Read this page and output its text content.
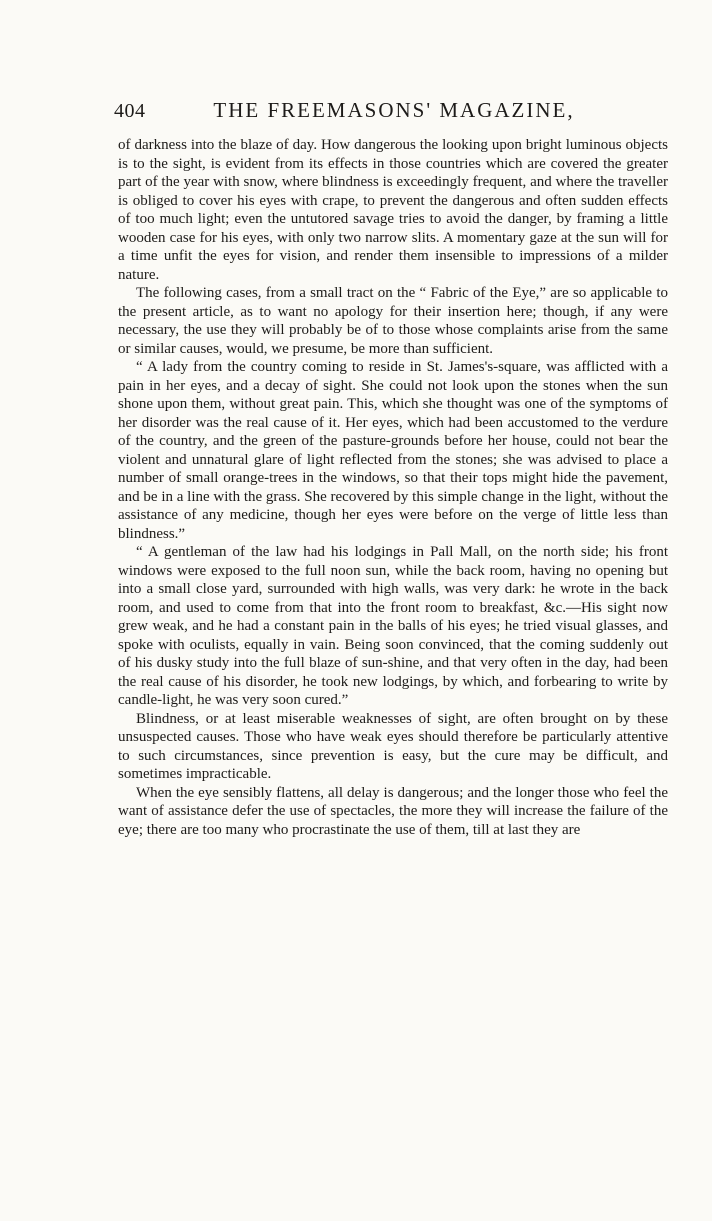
404	THE FREEMASONS' MAGAZINE,

of darkness into the blaze of day. How dangerous the looking upon bright luminous objects is to the sight, is evident from its effects in those countries which are covered the greater part of the year with snow, where blindness is exceedingly frequent, and where the traveller is obliged to cover his eyes with crape, to prevent the dangerous and often sudden effects of too much light; even the untutored savage tries to avoid the danger, by framing a little wooden case for his eyes, with only two narrow slits. A momentary gaze at the sun will for a time unfit the eyes for vision, and render them insensible to impressions of a milder nature.

The following cases, from a small tract on the “ Fabric of the Eye,” are so applicable to the present article, as to want no apology for their insertion here; though, if any were necessary, the use they will probably be of to those whose complaints arise from the same or similar causes, would, we presume, be more than sufficient.

“ A lady from the country coming to reside in St. James's-square, was afflicted with a pain in her eyes, and a decay of sight. She could not look upon the stones when the sun shone upon them, without great pain. This, which she thought was one of the symptoms of her disorder was the real cause of it. Her eyes, which had been accustomed to the verdure of the country, and the green of the pasture-grounds before her house, could not bear the violent and unnatural glare of light reflected from the stones; she was advised to place a number of small orange-trees in the windows, so that their tops might hide the pavement, and be in a line with the grass. She recovered by this simple change in the light, without the assistance of any medicine, though her eyes were before on the verge of little less than blindness.”

“ A gentleman of the law had his lodgings in Pall Mall, on the north side; his front windows were exposed to the full noon sun, while the back room, having no opening but into a small close yard, surrounded with high walls, was very dark: he wrote in the back room, and used to come from that into the front room to breakfast, &c.—His sight now grew weak, and he had a constant pain in the balls of his eyes; he tried visual glasses, and spoke with oculists, equally in vain. Being soon convinced, that the coming suddenly out of his dusky study into the full blaze of sun-shine, and that very often in the day, had been the real cause of his disorder, he took new lodgings, by which, and forbearing to write by candle-light, he was very soon cured.”

Blindness, or at least miserable weaknesses of sight, are often brought on by these unsuspected causes. Those who have weak eyes should therefore be particularly attentive to such circumstances, since prevention is easy, but the cure may be difficult, and sometimes impracticable.

When the eye sensibly flattens, all delay is dangerous; and the longer those who feel the want of assistance defer the use of spectacles, the more they will increase the failure of the eye; there are too many who procrastinate the use of them, till at last they are
